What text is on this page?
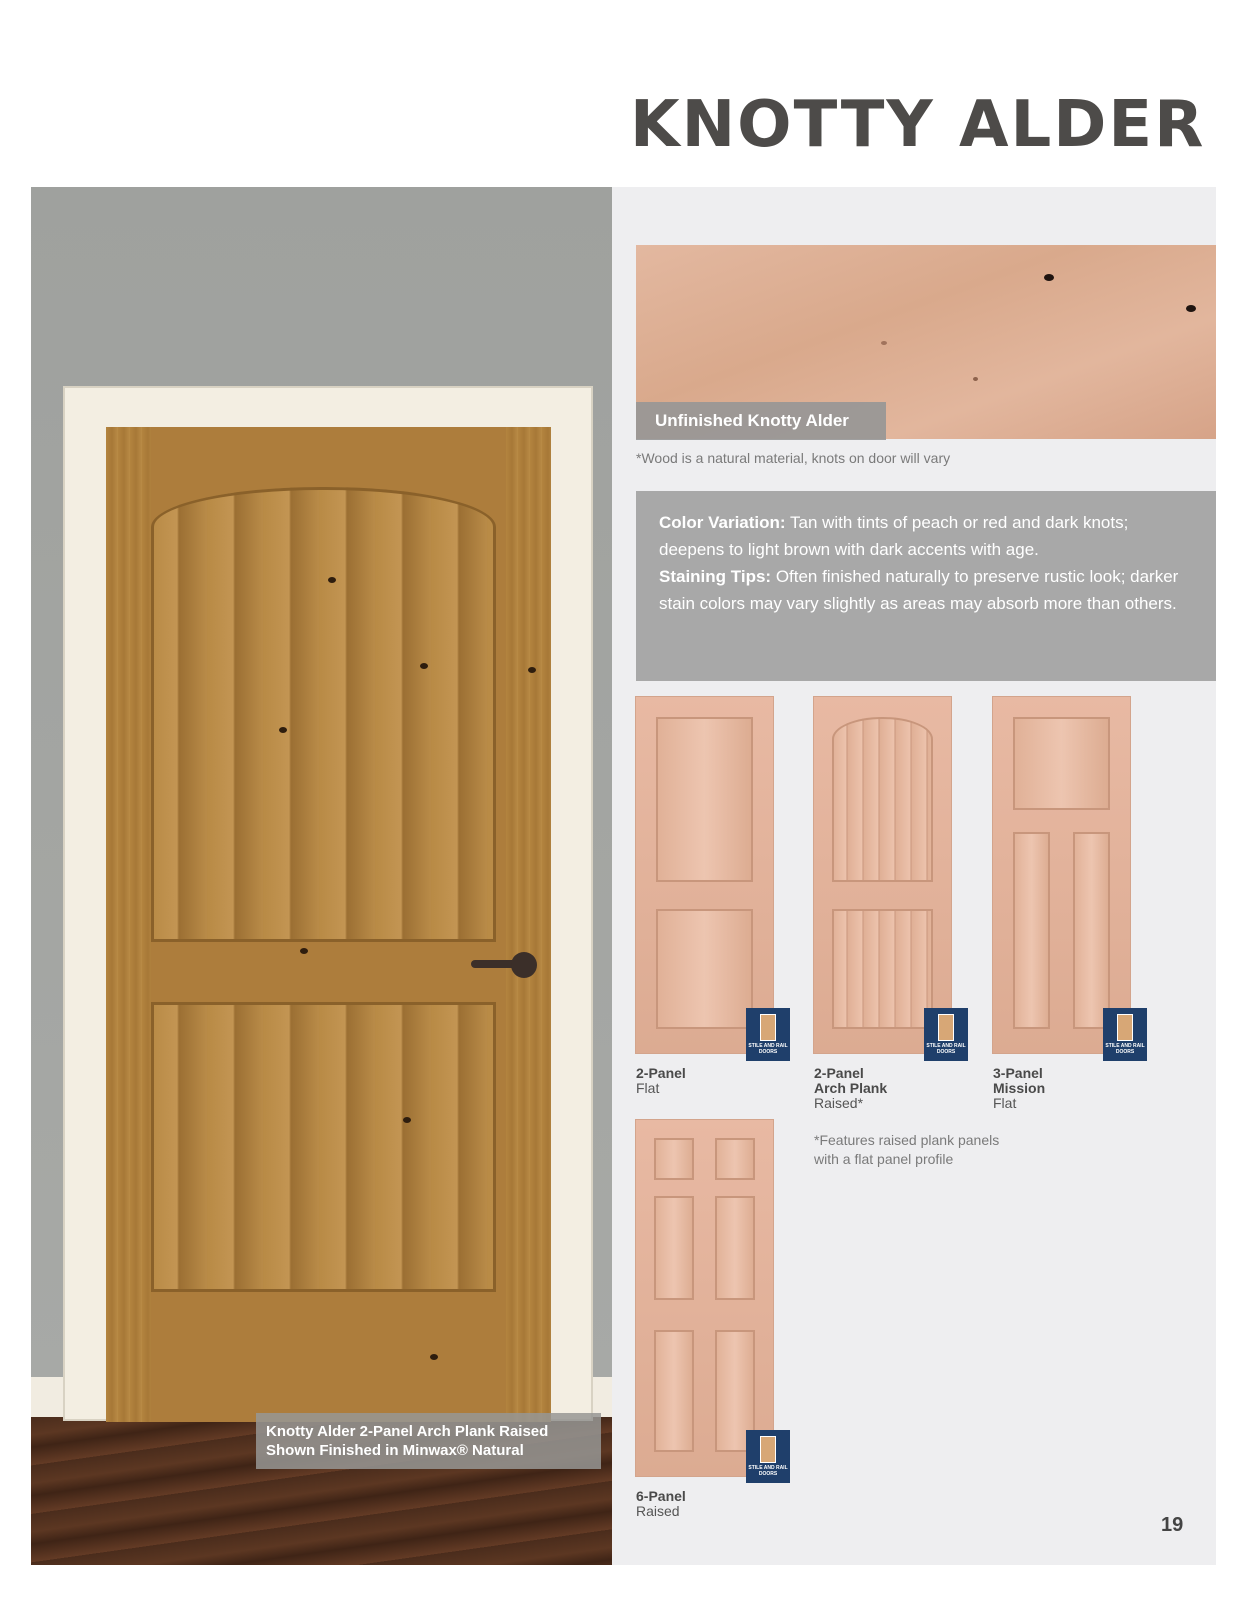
KNOTTY ALDER
Knotty Alder 2-Panel Arch Plank Raised
Shown Finished in Minwax® Natural
Unfinished Knotty Alder
*Wood is a natural material, knots on door will vary
Color Variation: Tan with tints of peach or red and dark knots; deepens to light brown with dark accents with age.
Staining Tips: Often finished naturally to preserve rustic look; darker stain colors may vary slightly as areas may absorb more than others.
STILE AND RAIL DOORS
STILE AND RAIL DOORS
STILE AND RAIL DOORS
STILE AND RAIL DOORS
2-Panel
Flat
2-Panel
Arch Plank
Raised*
3-Panel
Mission
Flat
6-Panel
Raised
*Features raised plank panels
with a flat panel profile
19
